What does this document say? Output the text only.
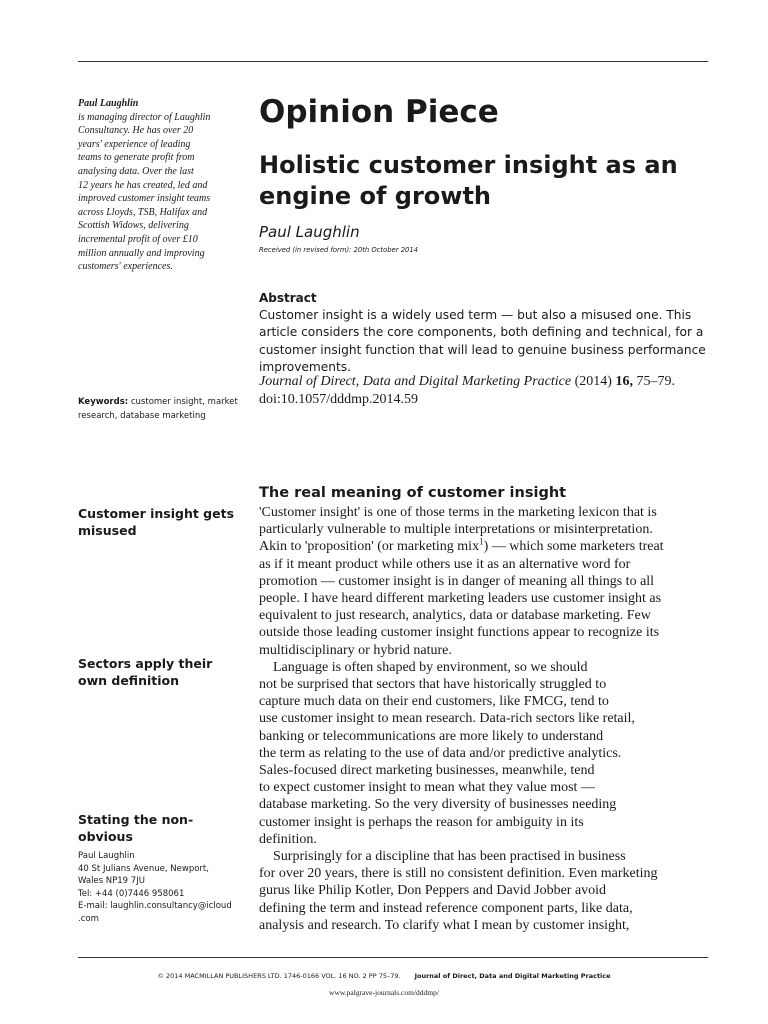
Paul Laughlin
is managing director of Laughlin
Consultancy. He has over 20
years' experience of leading
teams to generate profit from
analysing data. Over the last
12 years he has created, led and
improved customer insight teams
across Lloyds, TSB, Halifax and
Scottish Widows, delivering
incremental profit of over £10
million annually and improving
customers' experiences.
Keywords: customer insight, market
research, database marketing
Customer insight gets
misused
Sectors apply their
own definition
Stating the non-
obvious
Paul Laughlin
40 St Julians Avenue, Newport,
Wales NP19 7JU
Tel: +44 (0)7446 958061
E-mail: laughlin.consultancy@icloud
.com
Opinion Piece
Holistic customer insight as an
engine of growth
Paul Laughlin
Received (in revised form): 20th October 2014
Abstract
Customer insight is a widely used term — but also a misused one. This
article considers the core components, both defining and technical, for a
customer insight function that will lead to genuine business performance
improvements.
Journal of Direct, Data and Digital Marketing Practice (2014) 16, 75–79.
doi:10.1057/dddmp.2014.59
The real meaning of customer insight
'Customer insight' is one of those terms in the marketing lexicon that is
particularly vulnerable to multiple interpretations or misinterpretation.
Akin to 'proposition' (or marketing mix$^1$) — which some marketers treat
as if it meant product while others use it as an alternative word for
promotion — customer insight is in danger of meaning all things to all
people. I have heard different marketing leaders use customer insight as
equivalent to just research, analytics, data or database marketing. Few
outside those leading customer insight functions appear to recognize its
multidisciplinary or hybrid nature.
Language is often shaped by environment, so we should
not be surprised that sectors that have historically struggled to
capture much data on their end customers, like FMCG, tend to
use customer insight to mean research. Data-rich sectors like retail,
banking or telecommunications are more likely to understand
the term as relating to the use of data and/or predictive analytics.
Sales-focused direct marketing businesses, meanwhile, tend
to expect customer insight to mean what they value most —
database marketing. So the very diversity of businesses needing
customer insight is perhaps the reason for ambiguity in its
definition.
Surprisingly for a discipline that has been practised in business
for over 20 years, there is still no consistent definition. Even marketing
gurus like Philip Kotler, Don Peppers and David Jobber avoid
defining the term and instead reference component parts, like data,
analysis and research. To clarify what I mean by customer insight,
© 2014 MACMILLAN PUBLISHERS LTD. 1746-0166 VOL. 16 NO. 2 PP 75–79. Journal of Direct, Data and Digital Marketing Practice
www.palgrave-journals.com/dddmp/
